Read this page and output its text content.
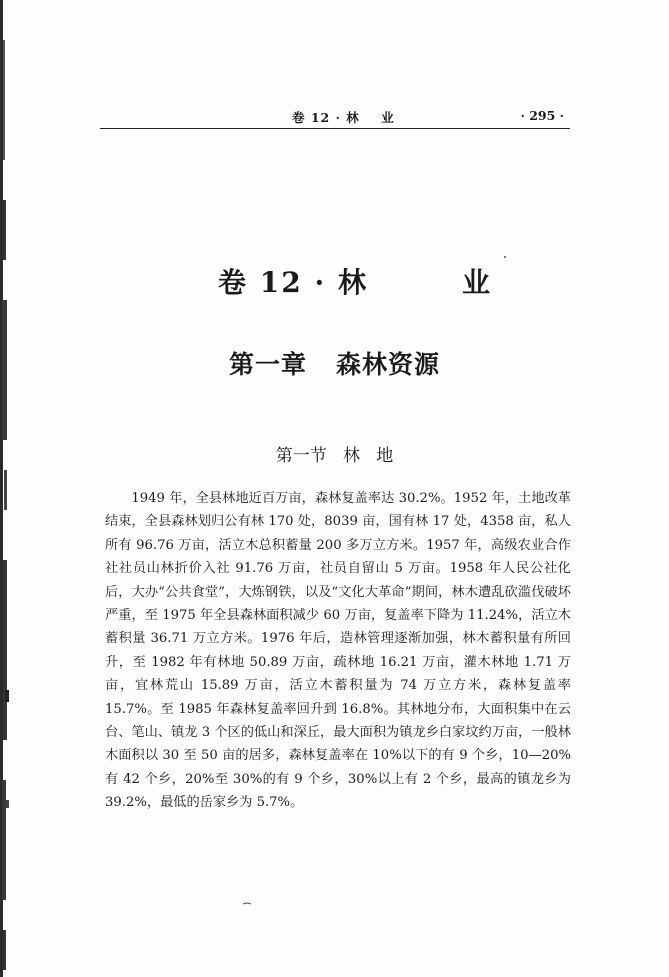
卷 12 · 林    业	· 295 ·

卷 12 · 林        业

第一章   森林资源
第一节   林   地

1949 年，全县林地近百万亩，森林复盖率达 30.2%。1952 年，土地改革结束，全县森林划归公有林 170 处，8039 亩，国有林 17 处，4358 亩，私人所有 96.76 万亩，活立木总积蓄量 200 多万立方米。1957 年，高级农业合作社社员山林折价入社 91.76 万亩，社员自留山 5 万亩。1958 年人民公社化后，大办“公共食堂”，大炼钢铁，以及“文化大革命”期间，林木遭乱砍滥伐破坏严重，至 1975 年全县森林面积减少 60 万亩，复盖率下降为 11.24%，活立木蓄积量 36.71 万立方米。1976 年后，造林管理逐渐加强，林木蓄积量有所回升，至 1982 年有林地 50.89 万亩，疏林地 16.21 万亩，灌木林地 1.71 万亩，宜林荒山 15.89 万亩，活立木蓄积量为 74 万立方米，森林复盖率 15.7%。至 1985 年森林复盖率回升到 16.8%。其林地分布，大面积集中在云台、笔山、镇龙 3 个区的低山和深丘，最大面积为镇龙乡白家坟约万亩，一般林木面积以 30 至 50 亩的居多，森林复盖率在 10%以下的有 9 个乡，10—20%有 42 个乡，20%至 30%的有 9 个乡，30%以上有 2 个乡，最高的镇龙乡为 39.2%，最低的岳家乡为 5.7%。
